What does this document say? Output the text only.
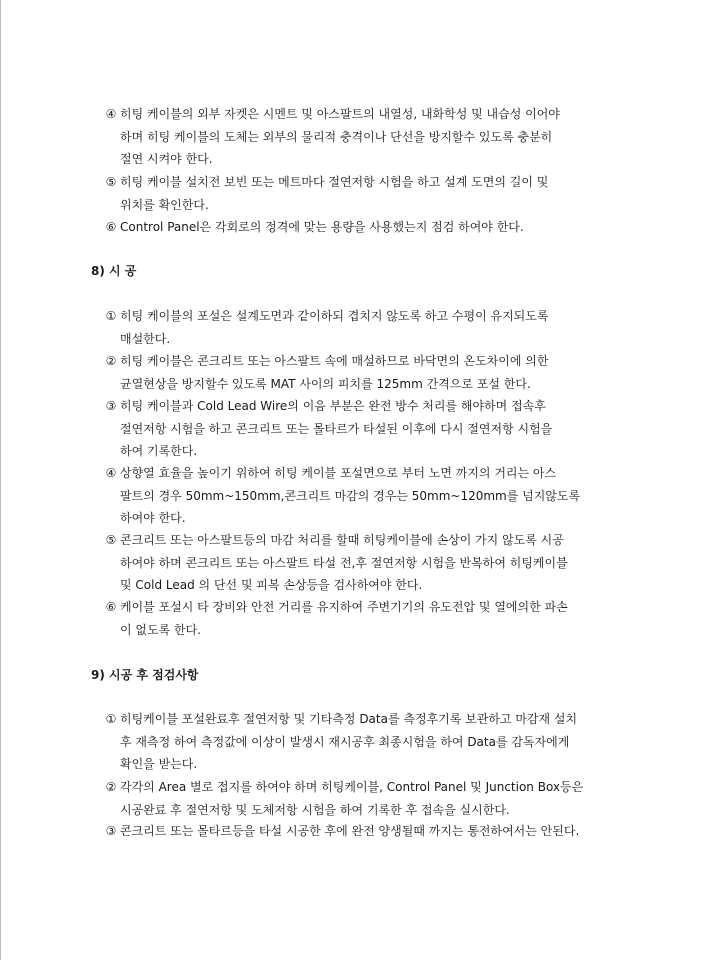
④ 히팅 케이블의 외부 자켓은 시멘트 및 아스팔트의 내열성, 내화학성 및 내습성 이어야
하며 히팅 케이블의 도체는 외부의 물리적 충격이나 단선을 방지할수 있도록 충분히
절연 시켜야 한다.
⑤ 히팅 케이블 설치전 보빈 또는 메트마다 절연저항 시험을 하고 설계 도면의 길이 및
위치를 확인한다.
⑥ Control Panel은 각회로의 정격에 맞는 용량을 사용했는지 점검 하여야 한다.
8) 시 공
① 히팅 케이블의 포설은 설계도면과 같이하되 겹치지 않도록 하고 수평이 유지되도록
매설한다.
② 히팅 케이블은 콘크리트 또는 아스팔트 속에 매설하므로 바닥면의 온도차이에 의한
균열현상을 방지할수 있도록 MAT 사이의 피치를 125mm 간격으로 포설 한다.
③ 히팅 케이블과 Cold Lead Wire의 이음 부분은 완전 방수 처리를 해야하며 접속후
절연저항 시험을 하고 콘크리트 또는 몰타르가 타설된 이후에 다시 절연저항 시험을
하여 기록한다.
④ 상향열 효율을 높이기 위하여 히팅 케이블 포설면으로 부터 노면 까지의 거리는 아스
팔트의 경우 50mm~150mm,콘크리트 마감의 경우는 50mm~120mm를 넘지않도록
하여야 한다.
⑤ 콘크리트 또는 아스팔트등의 마감 처리를 할때 히팅케이블에 손상이 가지 않도록 시공
하여야 하며 콘크리트 또는 아스팔트 타설 전,후 절연저항 시험을 반복하여 히팅케이블
및 Cold Lead 의 단선 및 피복 손상등을 검사하여야 한다.
⑥ 케이블 포설시 타 장비와 안전 거리를 유지하여 주변기기의 유도전압 및 열에의한 파손
이 없도록 한다.
9) 시공 후 점검사항
① 히팅케이블 포설완료후 절연저항 및 기타측정 Data를 측정후기록 보관하고 마감재 설치
후 재측정 하여 측정값에 이상이 발생시 재시공후 최종시험을 하여 Data를 감독자에게
확인을 받는다.
② 각각의 Area 별로 접지를 하여야 하며 히팅케이블, Control Panel 및 Junction Box등은
시공완료 후 절연저항 및 도체저항 시험을 하여 기록한 후 접속을 실시한다.
③ 콘크리트 또는 몰타르등을 타설 시공한 후에 완전 양생될때 까지는 통전하여서는 안된다.
